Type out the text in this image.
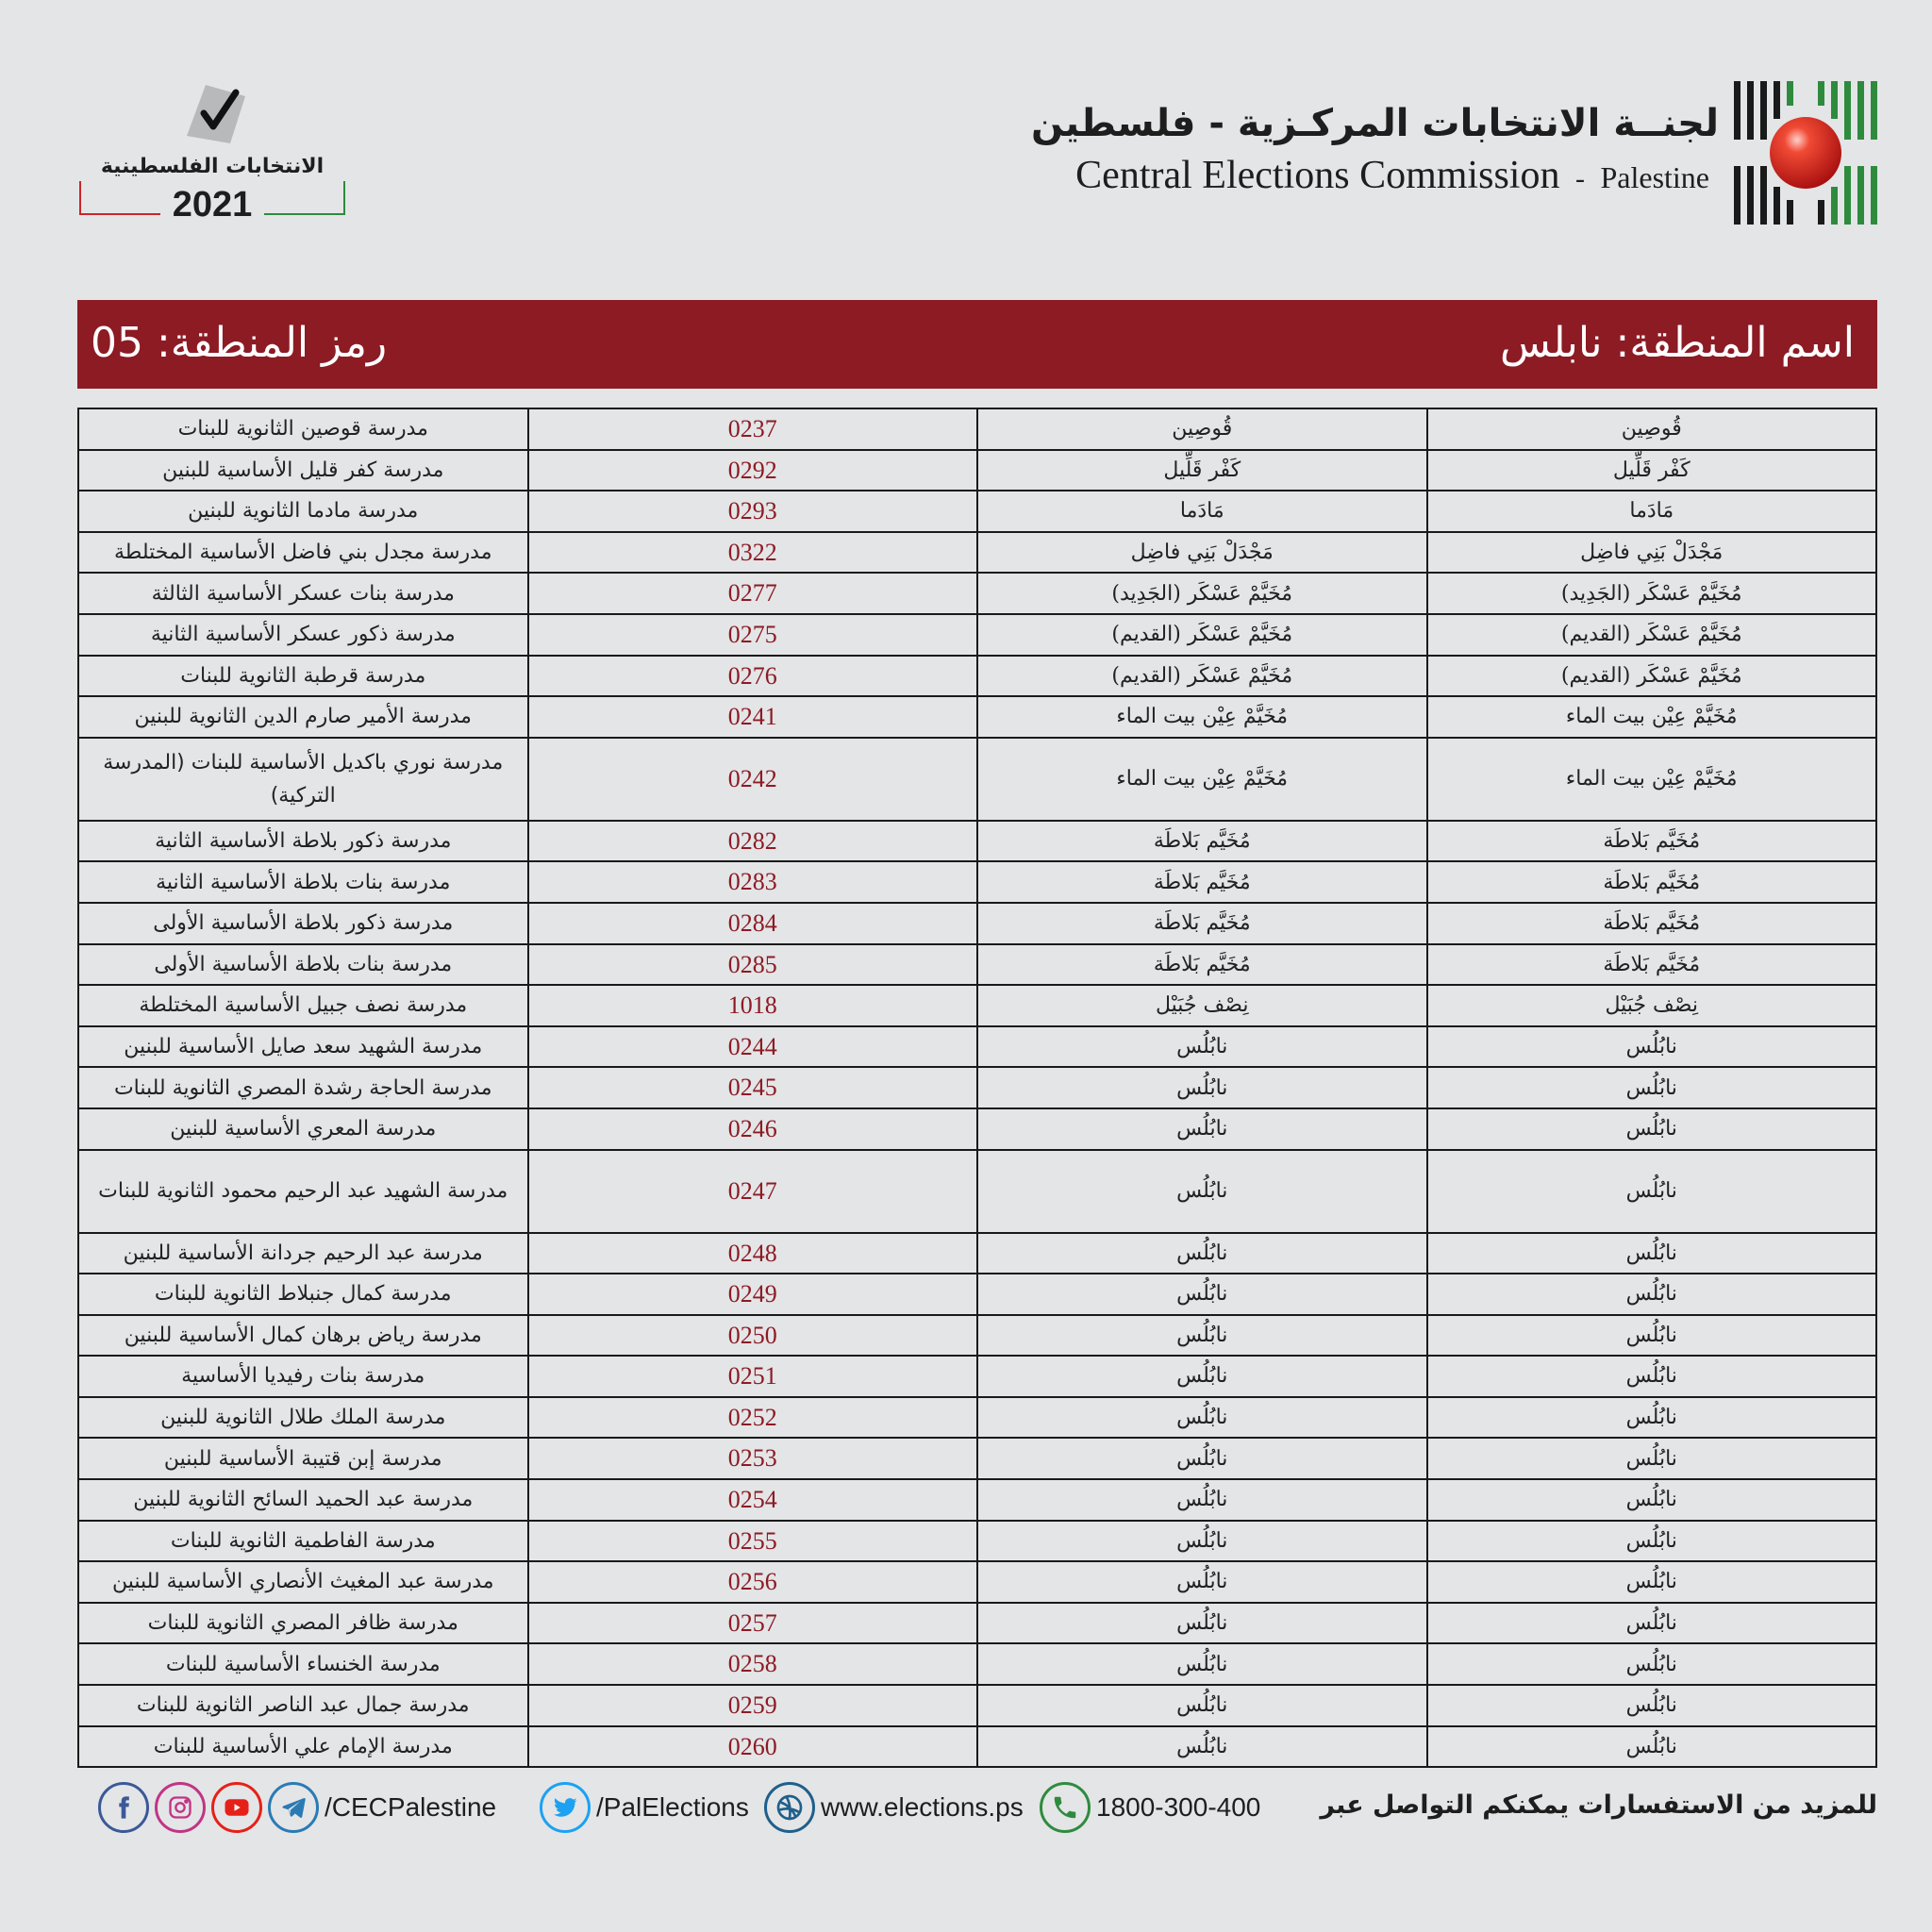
لجنــة الانتخابات المركـزية - فلسطين
Central Elections Commission - Palestine
الانتخابات الفلسطينية
2021
اسم المنطقة: نابلس
رمز المنطقة: 05
قُوصِين	قُوصِين	0237	مدرسة قوصين الثانوية للبنات
كَفْر قَلِّيل	كَفْر قَلِّيل	0292	مدرسة كفر قليل الأساسية للبنين
مَادَما	مَادَما	0293	مدرسة مادما الثانوية للبنين
مَجْدَلْ بَنِي فاضِل	مَجْدَلْ بَنِي فاضِل	0322	مدرسة مجدل بني فاضل الأساسية المختلطة
مُخَيَّمْ عَسْكَر (الجَدِيد)	مُخَيَّمْ عَسْكَر (الجَدِيد)	0277	مدرسة بنات عسكر الأساسية الثالثة
مُخَيَّمْ عَسْكَر (القديم)	مُخَيَّمْ عَسْكَر (القديم)	0275	مدرسة ذكور عسكر الأساسية الثانية
مُخَيَّمْ عَسْكَر (القديم)	مُخَيَّمْ عَسْكَر (القديم)	0276	مدرسة قرطبة الثانوية للبنات
مُخَيَّمْ عِيْن بيت الماء	مُخَيَّمْ عِيْن بيت الماء	0241	مدرسة الأمير صارم الدين الثانوية للبنين
مُخَيَّمْ عِيْن بيت الماء	مُخَيَّمْ عِيْن بيت الماء	0242	مدرسة نوري باكديل الأساسية للبنات (المدرسة التركية)
مُخَيَّم بَلاطَة	مُخَيَّم بَلاطَة	0282	مدرسة ذكور بلاطة الأساسية الثانية
مُخَيَّم بَلاطَة	مُخَيَّم بَلاطَة	0283	مدرسة بنات بلاطة الأساسية الثانية
مُخَيَّم بَلاطَة	مُخَيَّم بَلاطَة	0284	مدرسة ذكور بلاطة الأساسية الأولى
مُخَيَّم بَلاطَة	مُخَيَّم بَلاطَة	0285	مدرسة بنات بلاطة الأساسية الأولى
نِصْف جُبَيْل	نِصْف جُبَيْل	1018	مدرسة نصف جبيل الأساسية المختلطة
نابُلُس	نابُلُس	0244	مدرسة الشهيد سعد صايل الأساسية للبنين
نابُلُس	نابُلُس	0245	مدرسة الحاجة رشدة المصري الثانوية للبنات
نابُلُس	نابُلُس	0246	مدرسة المعري الأساسية للبنين
نابُلُس	نابُلُس	0247	مدرسة الشهيد عبد الرحيم محمود الثانوية للبنات
نابُلُس	نابُلُس	0248	مدرسة عبد الرحيم جردانة الأساسية للبنين
نابُلُس	نابُلُس	0249	مدرسة كمال جنبلاط الثانوية للبنات
نابُلُس	نابُلُس	0250	مدرسة رياض برهان كمال الأساسية للبنين
نابُلُس	نابُلُس	0251	مدرسة بنات رفيديا الأساسية
نابُلُس	نابُلُس	0252	مدرسة الملك طلال الثانوية للبنين
نابُلُس	نابُلُس	0253	مدرسة إبن قتيبة الأساسية للبنين
نابُلُس	نابُلُس	0254	مدرسة عبد الحميد السائح الثانوية للبنين
نابُلُس	نابُلُس	0255	مدرسة الفاطمية الثانوية للبنات
نابُلُس	نابُلُس	0256	مدرسة عبد المغيث الأنصاري الأساسية للبنين
نابُلُس	نابُلُس	0257	مدرسة ظافر المصري الثانوية للبنات
نابُلُس	نابُلُس	0258	مدرسة الخنساء الأساسية للبنات
نابُلُس	نابُلُس	0259	مدرسة جمال عبد الناصر الثانوية للبنات
نابُلُس	نابُلُس	0260	مدرسة الإمام علي الأساسية للبنات
للمزيد من الاستفسارات يمكنكم التواصل عبر
1800-300-400
www.elections.ps
/PalElections
/CECPalestine
